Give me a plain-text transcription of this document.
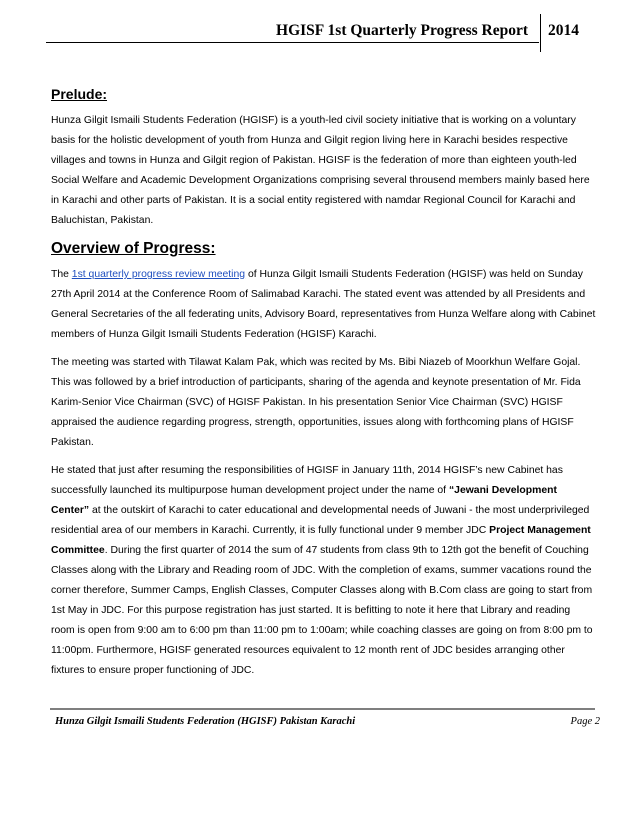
HGISF 1st Quarterly Progress Report 2014
Prelude:

Hunza Gilgit Ismaili Students Federation (HGISF) is a youth-led civil society initiative that is working on a voluntary basis for the holistic development of youth from Hunza and Gilgit region living here in Karachi besides respective villages and towns in Hunza and Gilgit region of Pakistan. HGISF is the federation of more than eighteen youth-led Social Welfare and Academic Development Organizations comprising several throusend members mainly based here in Karachi and other parts of Pakistan. It is a social entity registered with namdar Regional Council for Karachi and Baluchistan, Pakistan.

Overview of Progress:

The 1st quarterly progress review meeting of Hunza Gilgit Ismaili Students Federation (HGISF) was held on Sunday 27th April 2014 at the Conference Room of Salimabad Karachi. The stated event was attended by all Presidents and General Secretaries of the all federating units, Advisory Board, representatives from Hunza Welfare along with Cabinet members of Hunza Gilgit Ismaili Students Federation (HGISF) Karachi.

The meeting was started with Tilawat Kalam Pak, which was recited by Ms. Bibi Niazeb of Moorkhun Welfare Gojal. This was followed by a brief introduction of participants, sharing of the agenda and keynote presentation of Mr. Fida Karim-Senior Vice Chairman (SVC) of HGISF Pakistan. In his presentation Senior Vice Chairman (SVC) HGISF appraised the audience regarding progress, strength, opportunities, issues along with forthcoming plans of HGISF Pakistan.

He stated that just after resuming the responsibilities of HGISF in January 11th, 2014 HGISF’s new Cabinet has successfully launched its multipurpose human development project under the name of “Jewani Development Center” at the outskirt of Karachi to cater educational and developmental needs of Juwani - the most underprivileged residential area of our members in Karachi. Currently, it is fully functional under 9 member JDC Project Management Committee. During the first quarter of 2014 the sum of 47 students from class 9th to 12th got the benefit of Couching Classes along with the Library and Reading room of JDC. With the completion of exams, summer vacations round the corner therefore, Summer Camps, English Classes, Computer Classes along with B.Com class are going to start from 1st May in JDC. For this purpose registration has just started. It is befitting to note it here that Library and reading room is open from 9:00 am to 6:00 pm than 11:00 pm to 1:00am; while coaching classes are going on from 8:00 pm to 11:00pm. Furthermore, HGISF generated resources equivalent to 12 month rent of JDC besides arranging other fixtures to ensure proper functioning of JDC.

Hunza Gilgit Ismaili Students Federation (HGISF) Pakistan Karachi	Page 2
